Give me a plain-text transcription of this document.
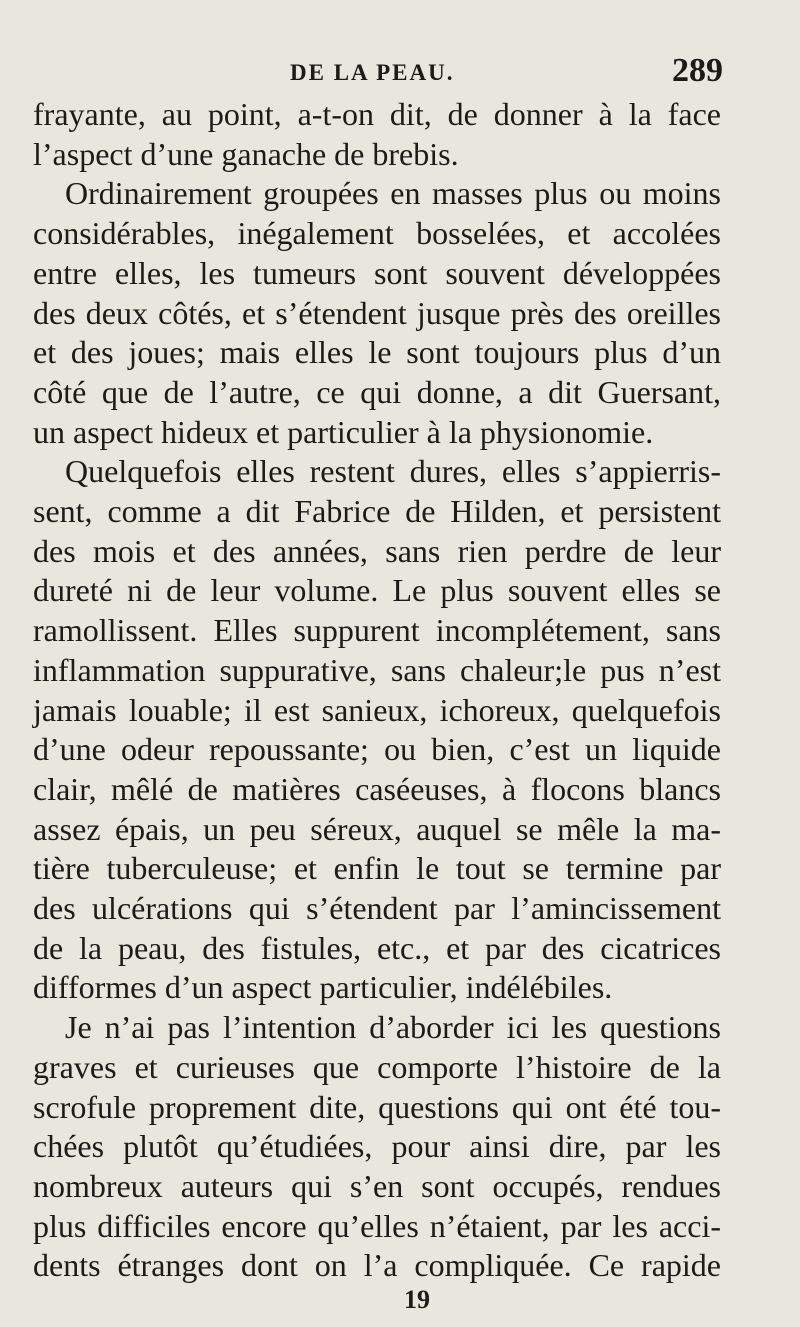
DE LA PEAU.	289
frayante, au point, a-t-on dit, de donner à la face
l’aspect d’une ganache de brebis.
Ordinairement groupées en masses plus ou moins
considérables, inégalement bosselées, et accolées
entre elles, les tumeurs sont souvent développées
des deux côtés, et s’étendent jusque près des oreilles
et des joues; mais elles le sont toujours plus d’un
côté que de l’autre, ce qui donne, a dit Guersant,
un aspect hideux et particulier à la physionomie.
Quelquefois elles restent dures, elles s’appierris-
sent, comme a dit Fabrice de Hilden, et persistent
des mois et des années, sans rien perdre de leur
dureté ni de leur volume. Le plus souvent elles se
ramollissent. Elles suppurent incomplétement, sans
inflammation suppurative, sans chaleur;le pus n’est
jamais louable; il est sanieux, ichoreux, quelquefois
d’une odeur repoussante; ou bien, c’est un liquide
clair, mêlé de matières caséeuses, à flocons blancs
assez épais, un peu séreux, auquel se mêle la ma-
tière tuberculeuse; et enfin le tout se termine par
des ulcérations qui s’étendent par l’amincissement
de la peau, des fistules, etc., et par des cicatrices
difformes d’un aspect particulier, indélébiles.
Je n’ai pas l’intention d’aborder ici les questions
graves et curieuses que comporte l’histoire de la
scrofule proprement dite, questions qui ont été tou-
chées plutôt qu’étudiées, pour ainsi dire, par les
nombreux auteurs qui s’en sont occupés, rendues
plus difficiles encore qu’elles n’étaient, par les acci-
dents étranges dont on l’a compliquée. Ce rapide
19
